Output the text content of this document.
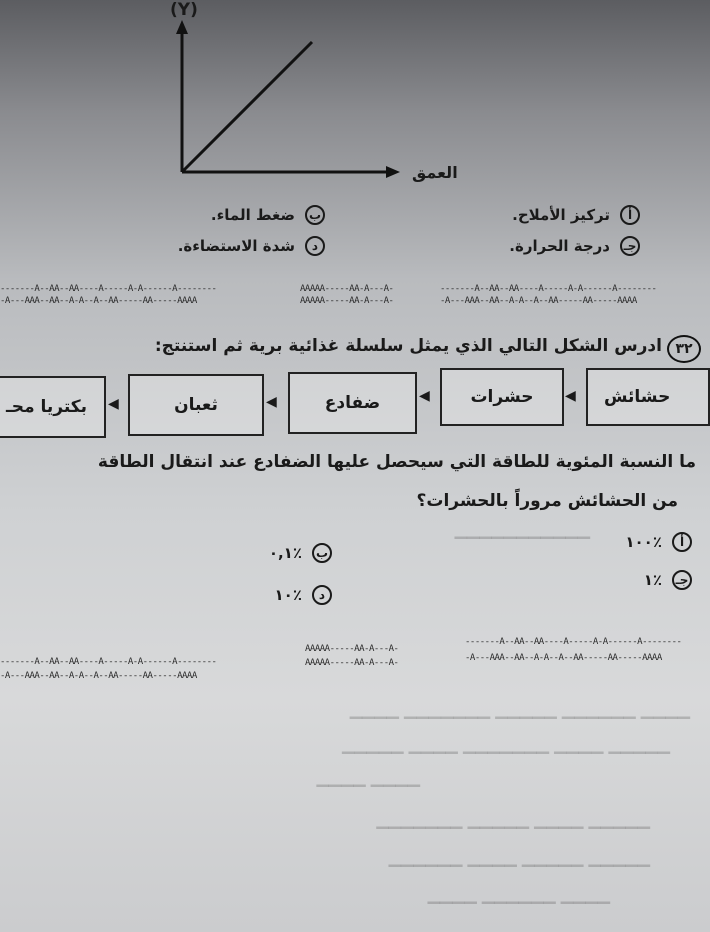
(Y)
العمق
أ
تركيز الأملاح.
ب
ضغط الماء.
جـ
درجة الحرارة.
د
شدة الاستضاءة.
-------A--AA--AA----A-----A-A------A--------
-A---AAA--AA--A-A--A--AA-----AA-----AAAA
AAAAA-----AA-A---A-
AAAAA-----AA-A---A-
-------A--AA--AA----A-----A-A------A--------
-A---AAA--AA--A-A--A--AA-----AA-----AAAA
٣٢
ادرس الشكل التالي الذي يمثل سلسلة غذائية برية ثم استنتج:
حشائش
◀
حشرات
◀
ضفادع
◀
ثعبان
◀
بكتريا محـ
ما النسبة المئوية للطاقة التي سيحصل عليها الضفادع عند انتقال الطاقة
من الحشائش مروراً بالحشرات؟
▁▁▁▁▁▁▁▁▁▁▁
أ
٪١٠٠
ب
٪٠,١
جـ
٪١
د
٪١٠
-------A--AA--AA----A-----A-A------A--------
-A---AAA--AA--A-A--A--AA-----AA-----AAAA
AAAAA-----AA-A---A-
AAAAA-----AA-A---A-
-------A--AA--AA----A-----A-A------A--------
-A---AAA--AA--A-A--A--AA-----AA-----AAAA
▁▁▁▁ ▁▁▁▁▁▁ ▁▁▁▁▁ ▁▁▁▁▁▁▁ ▁▁▁▁
▁▁▁▁▁ ▁▁▁▁ ▁▁▁▁▁▁▁ ▁▁▁▁ ▁▁▁▁▁
▁▁▁▁ ▁▁▁▁
▁▁▁▁▁ ▁▁▁▁ ▁▁▁▁▁ ▁▁▁▁▁▁▁
▁▁▁▁▁ ▁▁▁▁▁ ▁▁▁▁ ▁▁▁▁▁▁
▁▁▁▁ ▁▁▁▁▁▁ ▁▁▁▁
